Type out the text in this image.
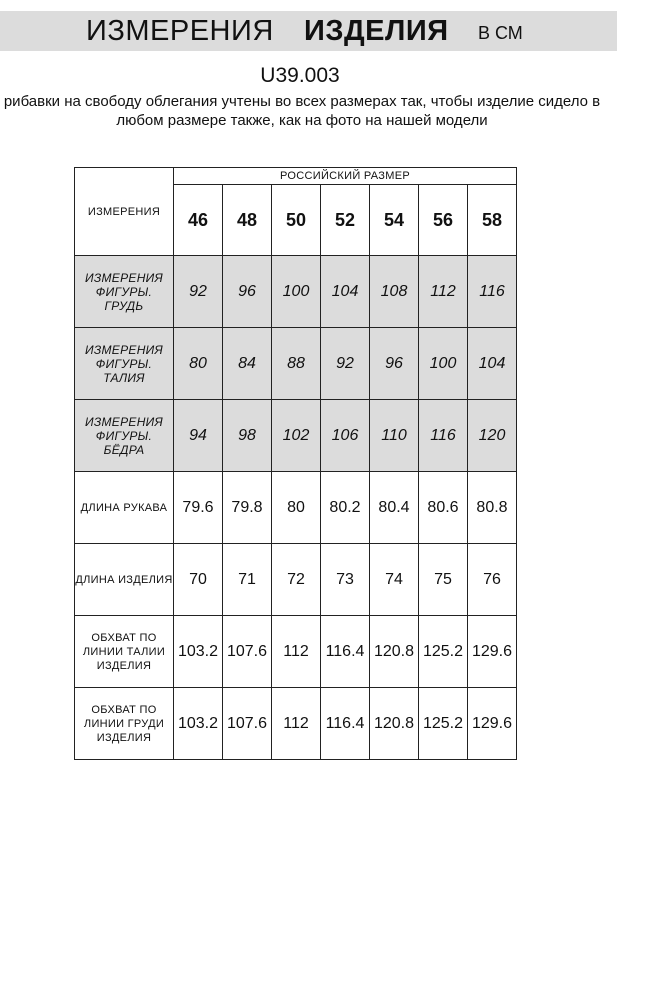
ИЗМЕРЕНИЯ ИЗДЕЛИЯ В СМ
U39.003
рибавки на свободу облегания учтены во всех размерах так, чтобы изделие сидело в
любом размере также, как на фото на нашей модели
ИЗМЕРЕНИЯ	РОССИЙСКИЙ РАЗМЕР						
	46	48	50	52	54	56	58
ИЗМЕРЕНИЯ ФИГУРЫ. ГРУДЬ	92	96	100	104	108	112	116
ИЗМЕРЕНИЯ ФИГУРЫ. ТАЛИЯ	80	84	88	92	96	100	104
ИЗМЕРЕНИЯ ФИГУРЫ. БЁДРА	94	98	102	106	110	116	120
ДЛИНА РУКАВА	79.6	79.8	80	80.2	80.4	80.6	80.8
ДЛИНА ИЗДЕЛИЯ	70	71	72	73	74	75	76
ОБХВАТ ПО ЛИНИИ ТАЛИИ ИЗДЕЛИЯ	103.2	107.6	112	116.4	120.8	125.2	129.6
ОБХВАТ ПО ЛИНИИ ГРУДИ ИЗДЕЛИЯ	103.2	107.6	112	116.4	120.8	125.2	129.6
